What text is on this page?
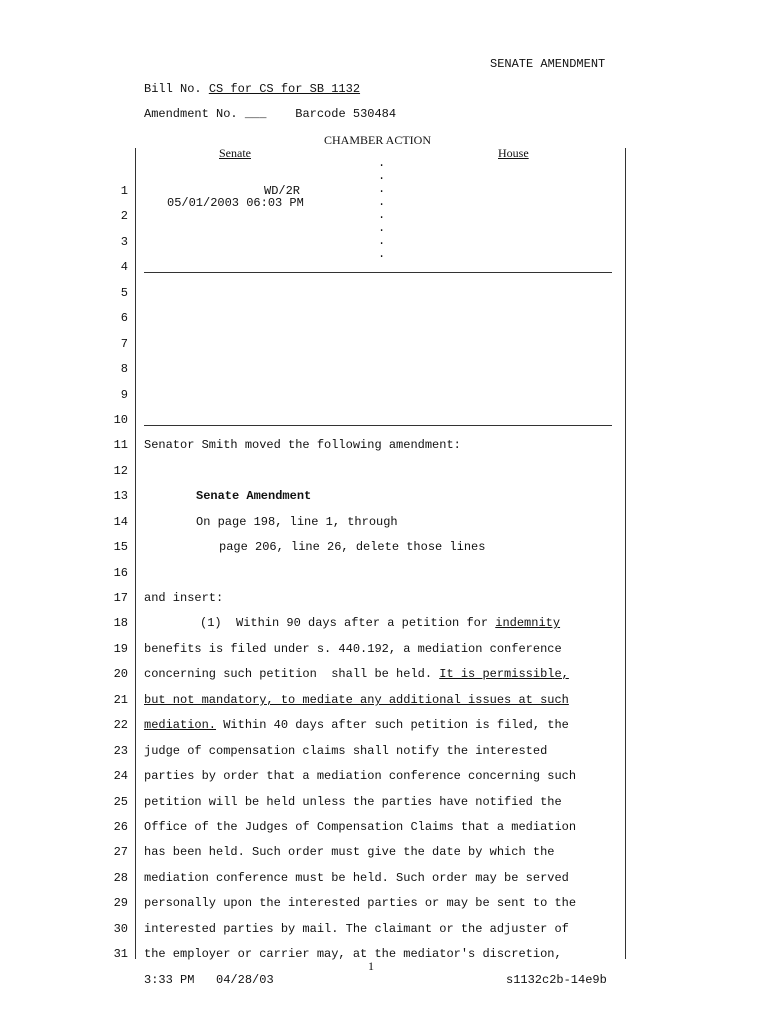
SENATE AMENDMENT
Bill No. CS for CS for SB 1132
Amendment No. ___ Barcode 530484
CHAMBER ACTION
Senate	House
.
.
.
.
.
.
.
.
WD/2R
05/01/2003 06:03 PM
1
2
3
4
5
6
7
8
9
10
11
12
13
14
15
16
17
18
19
20
21
22
23
24
25
26
27
28
29
30
31
Senator Smith moved the following amendment:
Senate Amendment
On page 198, line 1, through
page 206, line 26, delete those lines
and insert:
(1)  Within 90 days after a petition for indemnity
benefits is filed under s. 440.192, a mediation conference
concerning such petition  shall be held. It is permissible,
but not mandatory, to mediate any additional issues at such
mediation. Within 40 days after such petition is filed, the
judge of compensation claims shall notify the interested
parties by order that a mediation conference concerning such
petition will be held unless the parties have notified the
Office of the Judges of Compensation Claims that a mediation
has been held. Such order must give the date by which the
mediation conference must be held. Such order may be served
personally upon the interested parties or may be sent to the
interested parties by mail. The claimant or the adjuster of
the employer or carrier may, at the mediator's discretion,
1
3:33 PM 04/28/03	s1132c2b-14e9b
